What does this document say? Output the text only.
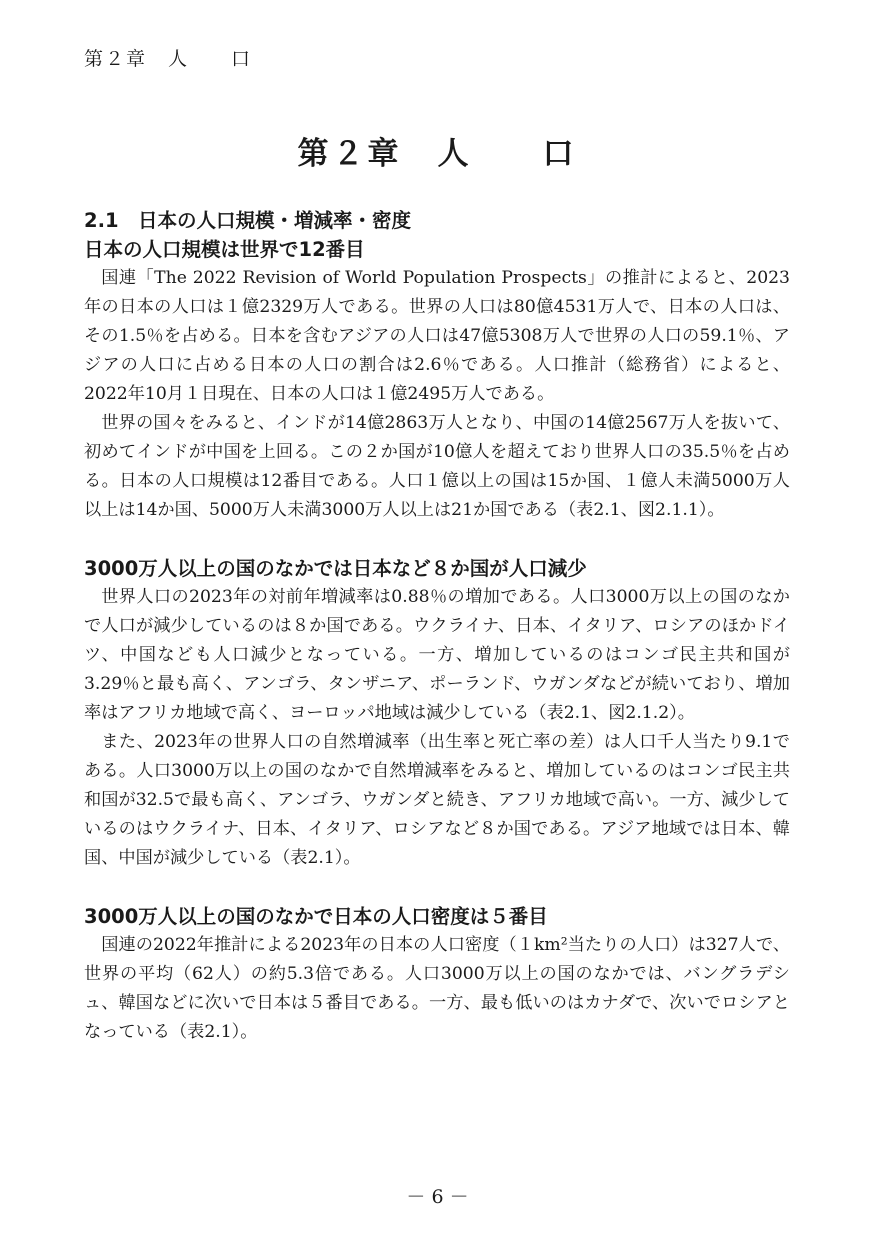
第２章　人　　口
第２章　人　　口
2.1　日本の人口規模・増減率・密度
日本の人口規模は世界で12番目

国連「The 2022 Revision of World Population Prospects」の推計によると、2023年の日本の人口は１億2329万人である。世界の人口は80億4531万人で、日本の人口は、その1.5％を占める。日本を含むアジアの人口は47億5308万人で世界の人口の59.1％、アジアの人口に占める日本の人口の割合は2.6％である。人口推計（総務省）によると、2022年10月１日現在、日本の人口は１億2495万人である。

世界の国々をみると、インドが14億2863万人となり、中国の14億2567万人を抜いて、初めてインドが中国を上回る。この２か国が10億人を超えており世界人口の35.5％を占める。日本の人口規模は12番目である。人口１億以上の国は15か国、１億人未満5000万人以上は14か国、5000万人未満3000万人以上は21か国である（表2.1、図2.1.1）。

3000万人以上の国のなかでは日本など８か国が人口減少

世界人口の2023年の対前年増減率は0.88％の増加である。人口3000万以上の国のなかで人口が減少しているのは８か国である。ウクライナ、日本、イタリア、ロシアのほかドイツ、中国なども人口減少となっている。一方、増加しているのはコンゴ民主共和国が3.29％と最も高く、アンゴラ、タンザニア、ポーランド、ウガンダなどが続いており、増加率はアフリカ地域で高く、ヨーロッパ地域は減少している（表2.1、図2.1.2）。

また、2023年の世界人口の自然増減率（出生率と死亡率の差）は人口千人当たり9.1である。人口3000万以上の国のなかで自然増減率をみると、増加しているのはコンゴ民主共和国が32.5で最も高く、アンゴラ、ウガンダと続き、アフリカ地域で高い。一方、減少しているのはウクライナ、日本、イタリア、ロシアなど８か国である。アジア地域では日本、韓国、中国が減少している（表2.1）。

3000万人以上の国のなかで日本の人口密度は５番目

国連の2022年推計による2023年の日本の人口密度（１km²当たりの人口）は327人で、世界の平均（62人）の約5.3倍である。人口3000万以上の国のなかでは、バングラデシュ、韓国などに次いで日本は５番目である。一方、最も低いのはカナダで、次いでロシアとなっている（表2.1）。

－ 6 －
